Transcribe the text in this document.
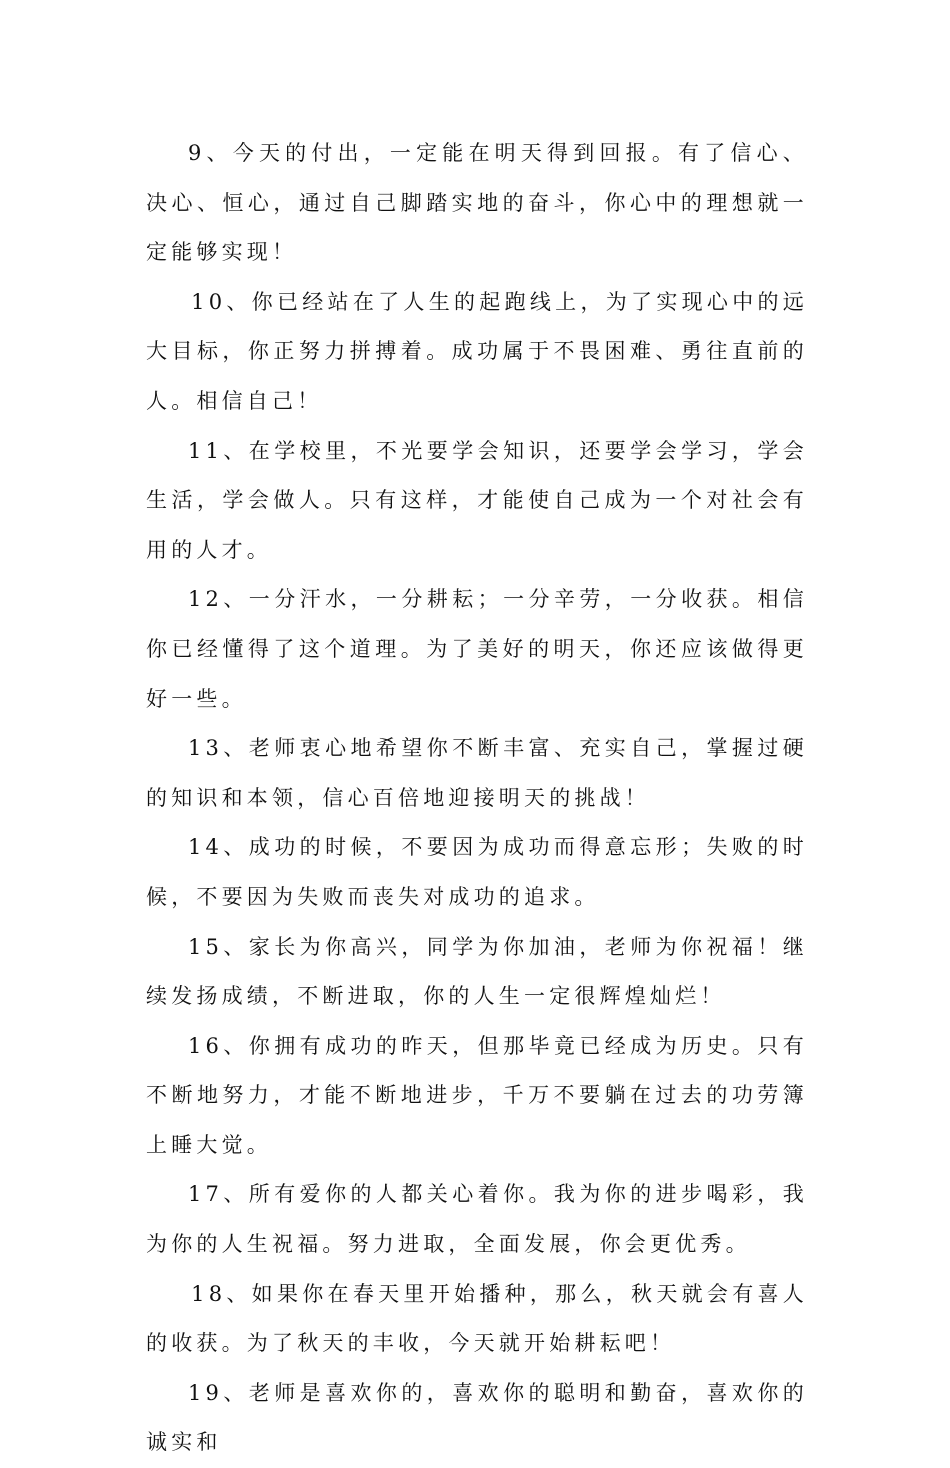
9、今天的付出，一定能在明天得到回报。有了信心、决心、恒心，通过自己脚踏实地的奋斗，你心中的理想就一定能够实现！

10、你已经站在了人生的起跑线上，为了实现心中的远大目标，你正努力拼搏着。成功属于不畏困难、勇往直前的人。相信自己！

11、在学校里，不光要学会知识，还要学会学习，学会生活，学会做人。只有这样，才能使自己成为一个对社会有用的人才。

12、一分汗水，一分耕耘；一分辛劳，一分收获。相信你已经懂得了这个道理。为了美好的明天，你还应该做得更好一些。

13、老师衷心地希望你不断丰富、充实自己，掌握过硬的知识和本领，信心百倍地迎接明天的挑战！

14、成功的时候，不要因为成功而得意忘形；失败的时候，不要因为失败而丧失对成功的追求。

15、家长为你高兴，同学为你加油，老师为你祝福！继续发扬成绩，不断进取，你的人生一定很辉煌灿烂！

16、你拥有成功的昨天，但那毕竟已经成为历史。只有不断地努力，才能不断地进步，千万不要躺在过去的功劳簿上睡大觉。

17、所有爱你的人都关心着你。我为你的进步喝彩，我为你的人生祝福。努力进取，全面发展，你会更优秀。

18、如果你在春天里开始播种，那么，秋天就会有喜人的收获。为了秋天的丰收，今天就开始耕耘吧！

19、老师是喜欢你的，喜欢你的聪明和勤奋，喜欢你的诚实和
